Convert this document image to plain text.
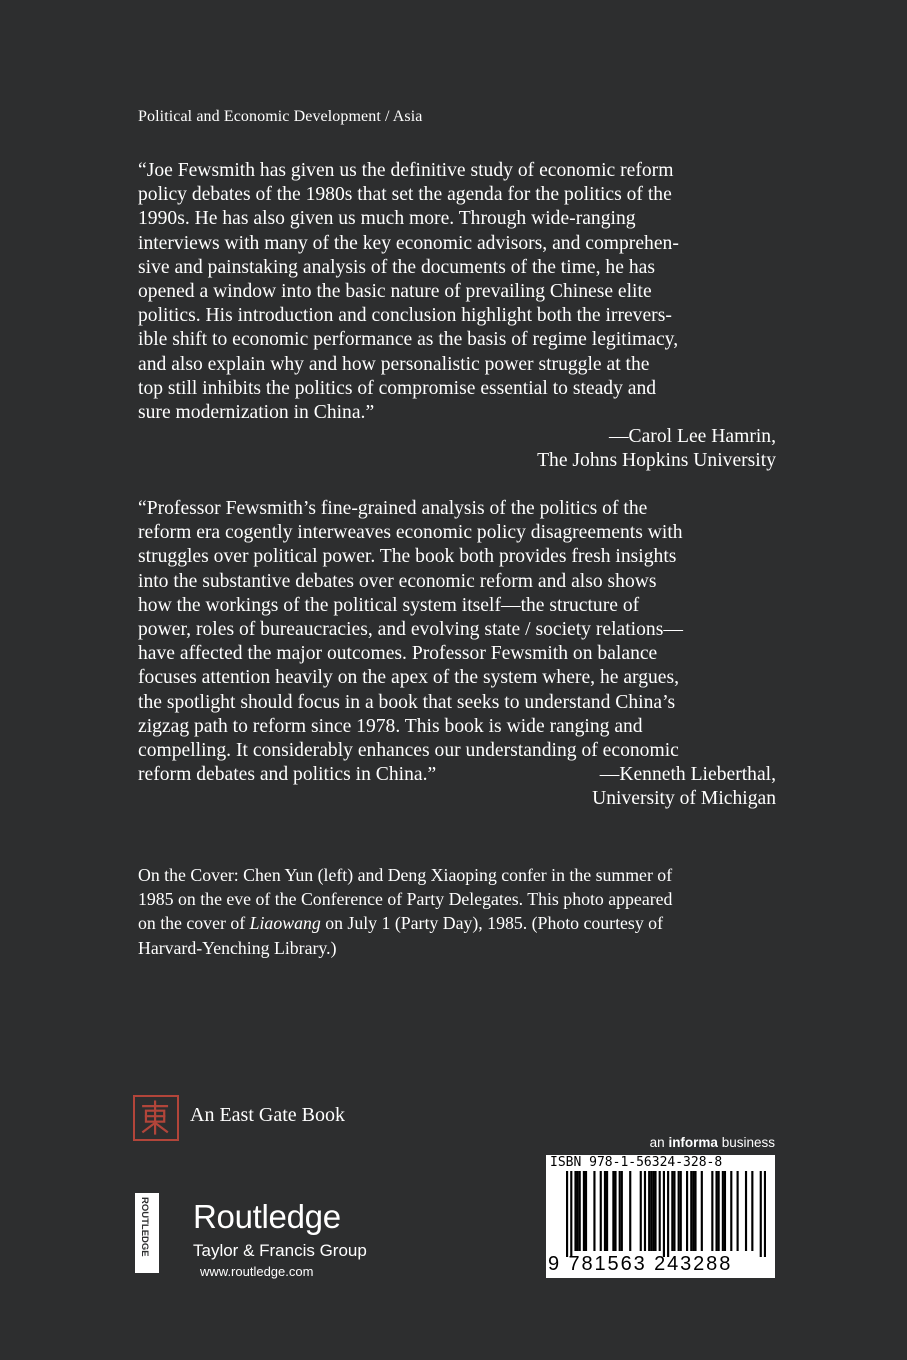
Political and Economic Development / Asia

“Joe Fewsmith has given us the definitive study of economic reform

policy debates of the 1980s that set the agenda for the politics of the

1990s. He has also given us much more. Through wide-ranging

interviews with many of the key economic advisors, and comprehen-

sive and painstaking analysis of the documents of the time, he has

opened a window into the basic nature of prevailing Chinese elite

politics. His introduction and conclusion highlight both the irrevers-

ible shift to economic performance as the basis of regime legitimacy,

and also explain why and how personalistic power struggle at the

top still inhibits the politics of compromise essential to steady and

sure modernization in China.”

—Carol Lee Hamrin,
The Johns Hopkins University

“Professor Fewsmith’s fine-grained analysis of the politics of the

reform era cogently interweaves economic policy disagreements with

struggles over political power. The book both provides fresh insights

into the substantive debates over economic reform and also shows

how the workings of the political system itself—the structure of

power, roles of bureaucracies, and evolving state / society relations—

have affected the major outcomes. Professor Fewsmith on balance

focuses attention heavily on the apex of the system where, he argues,

the spotlight should focus in a book that seeks to understand China’s

zigzag path to reform since 1978. This book is wide ranging and

compelling. It considerably enhances our understanding of economic

reform debates and politics in China.”	—Kenneth Lieberthal,
University of Michigan

On the Cover: Chen Yun (left) and Deng Xiaoping confer in the summer of

1985 on the eve of the Conference of Party Delegates. This photo appeared

on the cover of Liaowang on July 1 (Party Day), 1985. (Photo courtesy of

Harvard-Yenching Library.)

An East Gate Book
ROUTLEDGE Routledge
Taylor & Francis Group
www.routledge.com
an informa business
ISBN 978-1-56324-328-8
9 781563 243288
